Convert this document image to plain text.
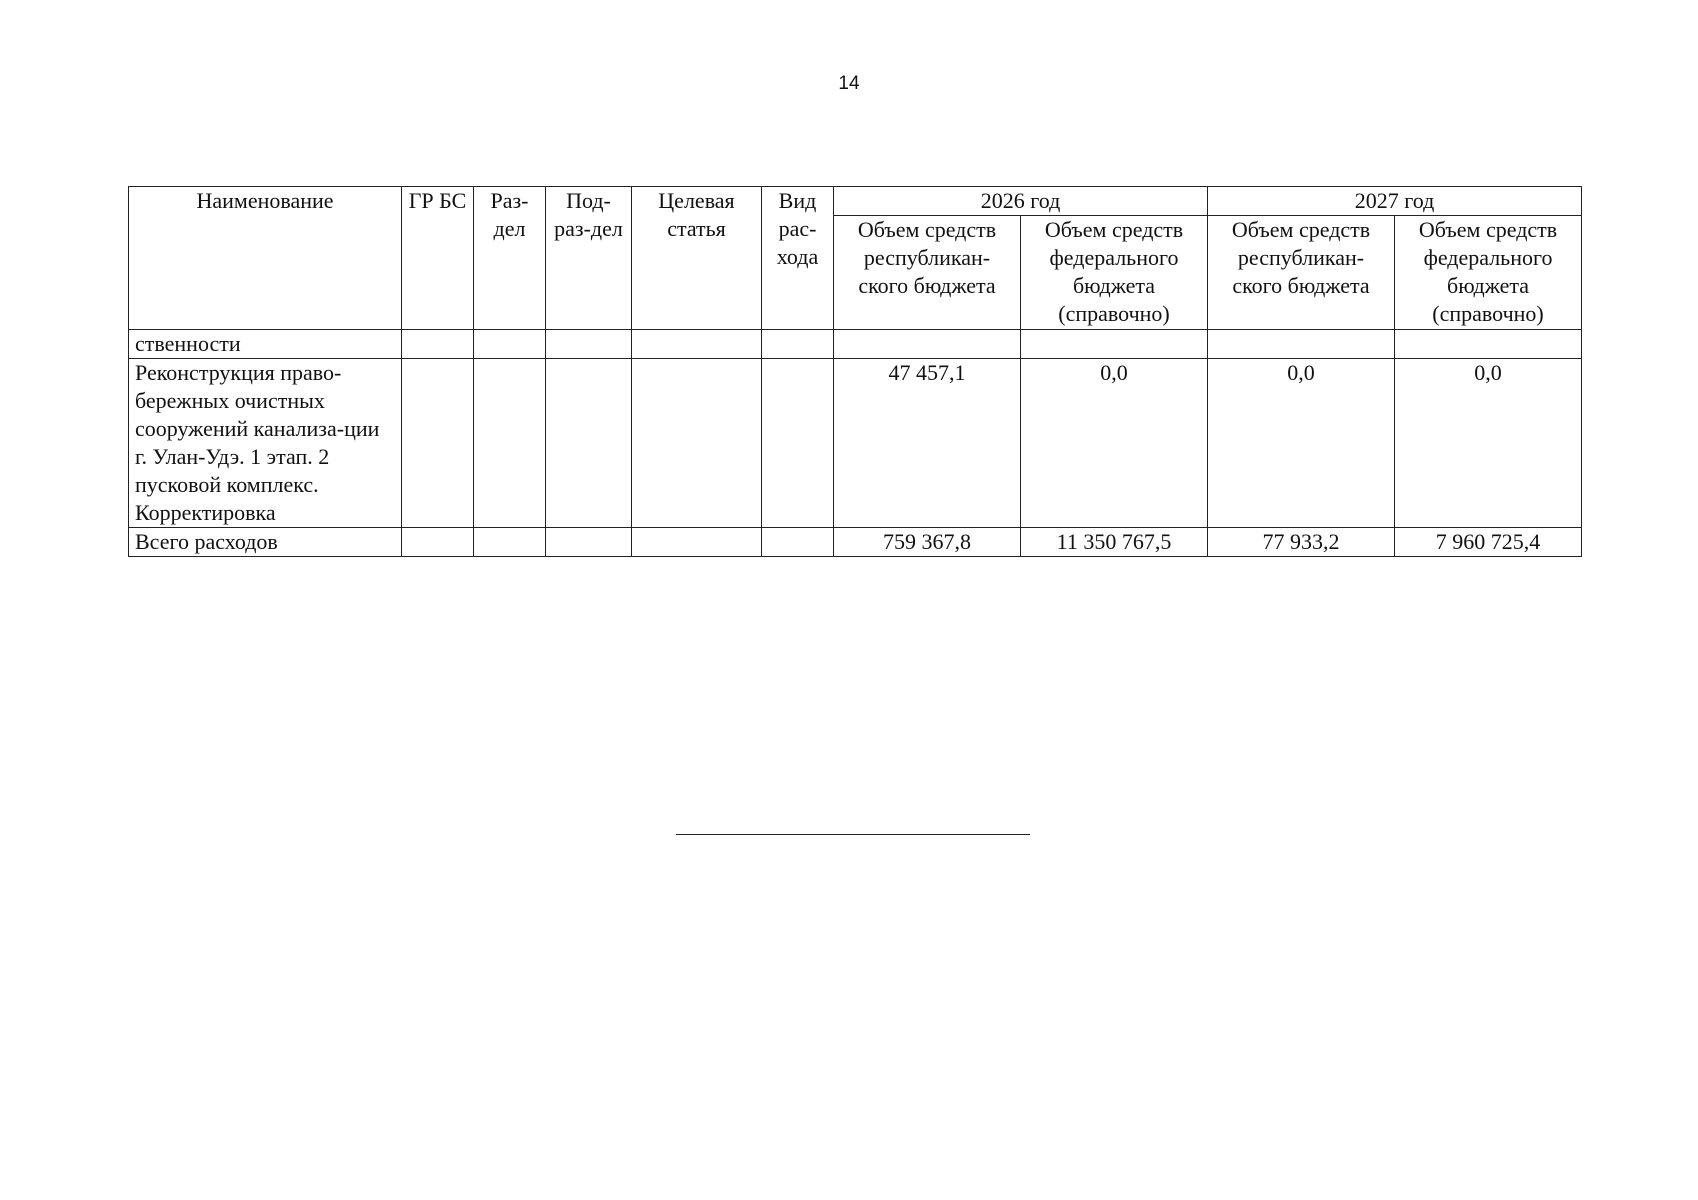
14
Наименование	ГР БС	Раз-дел	Под-раз-дел	Целевая статья	Вид рас-хода	2026 год		2027 год	
						Объем средств республикан-ского бюджета	Объем средств федерального бюджета (справочно)	Объем средств республикан-ского бюджета	Объем средств федерального бюджета (справочно)
ственности									
Реконструкция право-бережных очистных сооружений канализа-ции г. Улан-Удэ. 1 этап. 2 пусковой комплекс. Корректировка						47 457,1	0,0	0,0	0,0
Всего расходов						759 367,8	11 350 767,5	77 933,2	7 960 725,4
